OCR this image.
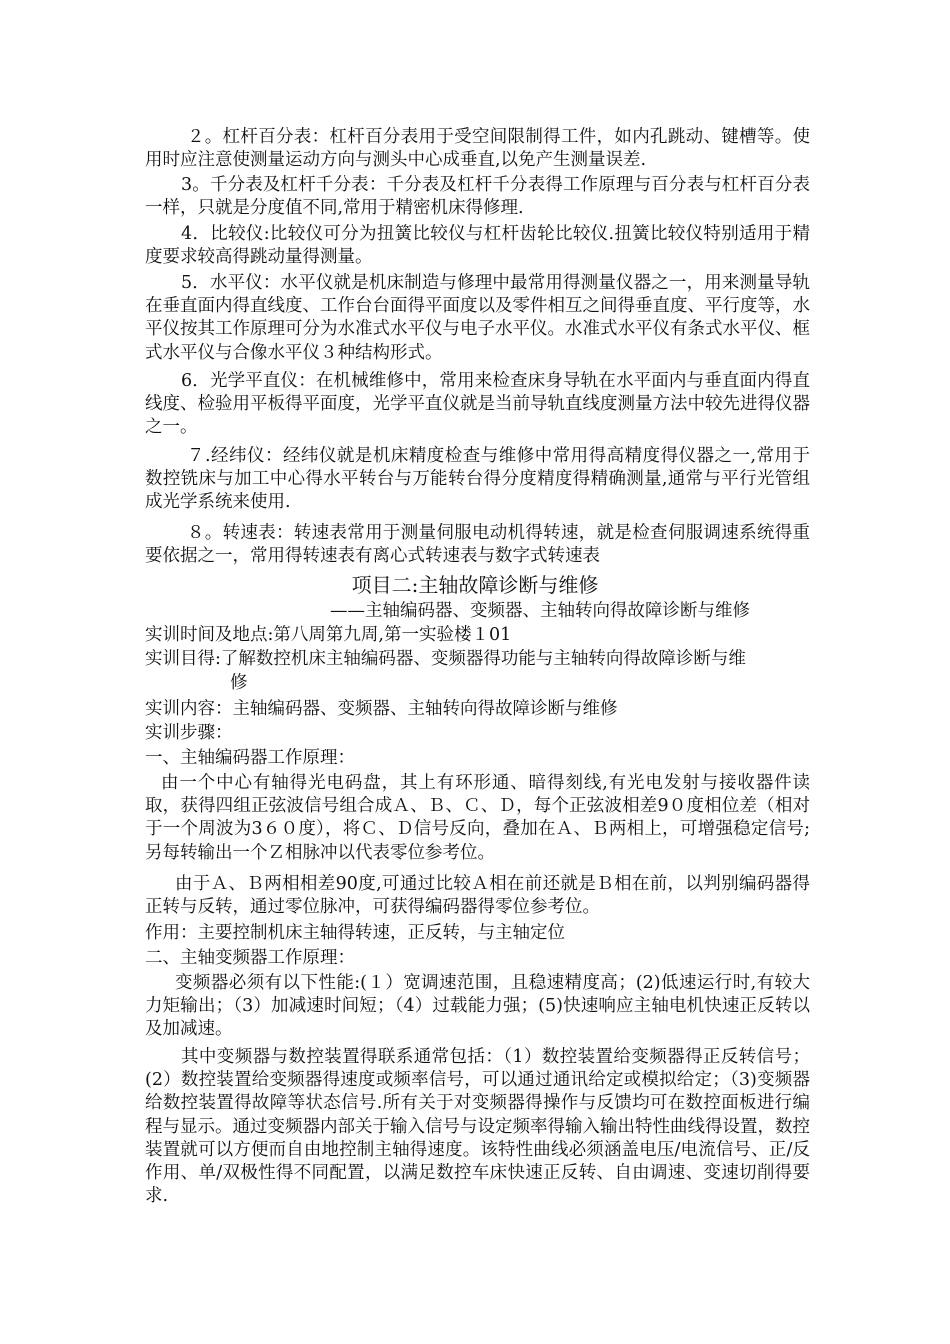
２。杠杆百分表：杠杆百分表用于受空间限制得工件，如内孔跳动、键槽等。使用时应注意使测量运动方向与测头中心成垂直,以免产生测量误差.

3。千分表及杠杆千分表：千分表及杠杆千分表得工作原理与百分表与杠杆百分表一样，只就是分度值不同,常用于精密机床得修理.

4．比较仪:比较仪可分为扭簧比较仪与杠杆齿轮比较仪.扭簧比较仪特别适用于精度要求较高得跳动量得测量。

5．水平仪：水平仪就是机床制造与修理中最常用得测量仪器之一，用来测量导轨在垂直面内得直线度、工作台台面得平面度以及零件相互之间得垂直度、平行度等，水平仪按其工作原理可分为水准式水平仪与电子水平仪。水准式水平仪有条式水平仪、框式水平仪与合像水平仪３种结构形式。

6．光学平直仪：在机械维修中，常用来检查床身导轨在水平面内与垂直面内得直线度、检验用平板得平面度，光学平直仪就是当前导轨直线度测量方法中较先进得仪器之一。

７.经纬仪：经纬仪就是机床精度检查与维修中常用得高精度得仪器之一,常用于数控铣床与加工中心得水平转台与万能转台得分度精度得精确测量,通常与平行光管组成光学系统来使用.

８。转速表：转速表常用于测量伺服电动机得转速，就是检查伺服调速系统得重要依据之一，常用得转速表有离心式转速表与数字式转速表

项目二:主轴故障诊断与维修
——主轴编码器、变频器、主轴转向得故障诊断与维修
实训时间及地点:第八周第九周,第一实验楼１01
实训目得:了解数控机床主轴编码器、变频器得功能与主轴转向得故障诊断与维
修
实训内容：主轴编码器、变频器、主轴转向得故障诊断与维修
实训步骤：
一、主轴编码器工作原理：

由一个中心有轴得光电码盘，其上有环形通、暗得刻线,有光电发射与接收器件读取，获得四组正弦波信号组合成Ａ、Ｂ、Ｃ、Ｄ，每个正弦波相差9０度相位差（相对于一个周波为3６０度），将Ｃ、Ｄ信号反向，叠加在Ａ、Ｂ两相上，可增强稳定信号;另每转输出一个Ｚ相脉冲以代表零位参考位。

由于Ａ、Ｂ两相相差90度,可通过比较Ａ相在前还就是Ｂ相在前，以判别编码器得正转与反转，通过零位脉冲，可获得编码器得零位参考位。

作用：主要控制机床主轴得转速，正反转，与主轴定位
二、主轴变频器工作原理：

变频器必须有以下性能:(１）宽调速范围，且稳速精度高；(2)低速运行时,有较大力矩输出；（3）加减速时间短；（4）过载能力强；(5)快速响应主轴电机快速正反转以及加减速。

其中变频器与数控装置得联系通常包括：（1）数控装置给变频器得正反转信号；(2）数控装置给变频器得速度或频率信号，可以通过通讯给定或模拟给定；（3)变频器给数控装置得故障等状态信号.所有关于对变频器得操作与反馈均可在数控面板进行编程与显示。通过变频器内部关于输入信号与设定频率得输入输出特性曲线得设置，数控装置就可以方便而自由地控制主轴得速度。该特性曲线必须涵盖电压/电流信号、正/反作用、单/双极性得不同配置，以满足数控车床快速正反转、自由调速、变速切削得要求.
